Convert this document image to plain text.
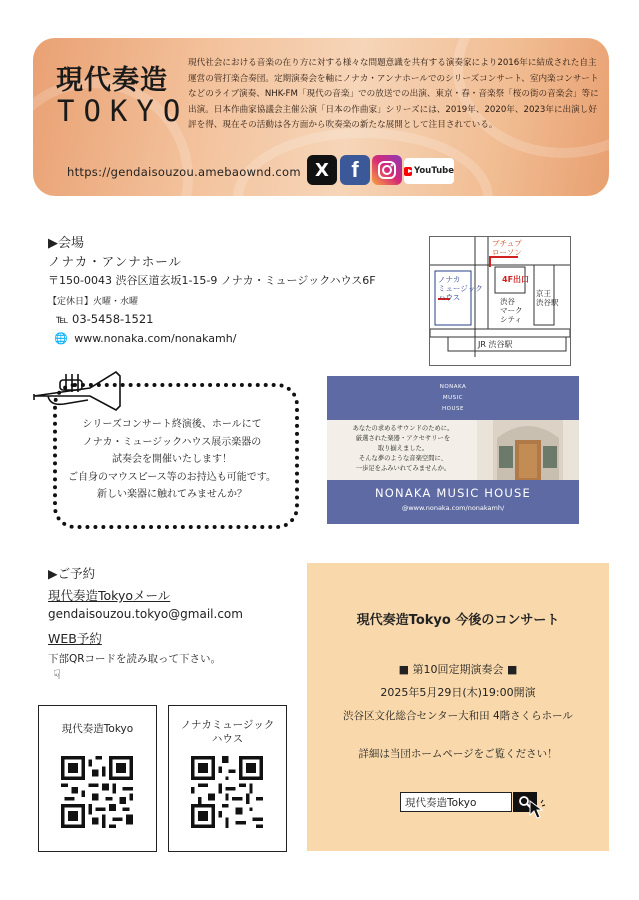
現代奏造
TOKYO
現代社会における音楽の在り方に対する様々な問題意識を共有する演奏家により2016年に結成された自主運営の管打楽合奏団。定期演奏会を軸にノナカ・アンナホールでのシリーズコンサート、室内楽コンサートなどのライブ演奏、NHK-FM「現代の音楽」での放送での出演、東京・春・音楽祭「桜の街の音楽会」等に出演。日本作曲家協議会主催公演「日本の作曲家」シリーズには、2019年、2020年、2023年に出演し好評を得、現在その活動は各方面から吹奏楽の新たな展開として注目されている。
https://gendaisouzou.amebaownd.com X f	YouTube
▶会場
ノナカ・アンナホール
〒150-0043 渋谷区道玄坂1-15-9 ノナカ・ミュージックハウス6F
【定休日】火曜・水曜
℡ 03-5458-1521
🌐 www.nonaka.com/nonakamh/
ブチュプ
ローソン
4F出口
ノナカ
ミュージック
ハウス	渋谷
マーク
シティ
京王
渋谷駅
JR 渋谷駅
シリーズコンサート終演後、ホールにて
ノナカ・ミュージックハウス展示楽器の
試奏会を開催いたします！
ご自身のマウスピース等のお持込も可能です。
新しい楽器に触れてみませんか？
NONAKA
MUSIC
HOUSE
あなたの求めるサウンドのために。
厳選された楽器・アクセサリーを
取り揃えました。
そんな夢のような音楽空間に、
一歩足をふみいれてみませんか。
NONAKA MUSIC HOUSE
@www.nonaka.com/nonakamh/
▶ご予約
現代奏造Tokyoメール
gendaisouzou.tokyo@gmail.com
WEB予約
下部QRコードを読み取って下さい。
☟
現代奏造Tokyo	ノナカミュージック
ハウス
現代奏造Tokyo 今後のコンサート
■ 第10回定期演奏会 ■
2025年5月29日(木)19:00開演
渋谷区文化総合センター大和田 4階さくらホール
詳細は当団ホームページをご覧ください！
現代奏造Tokyo
